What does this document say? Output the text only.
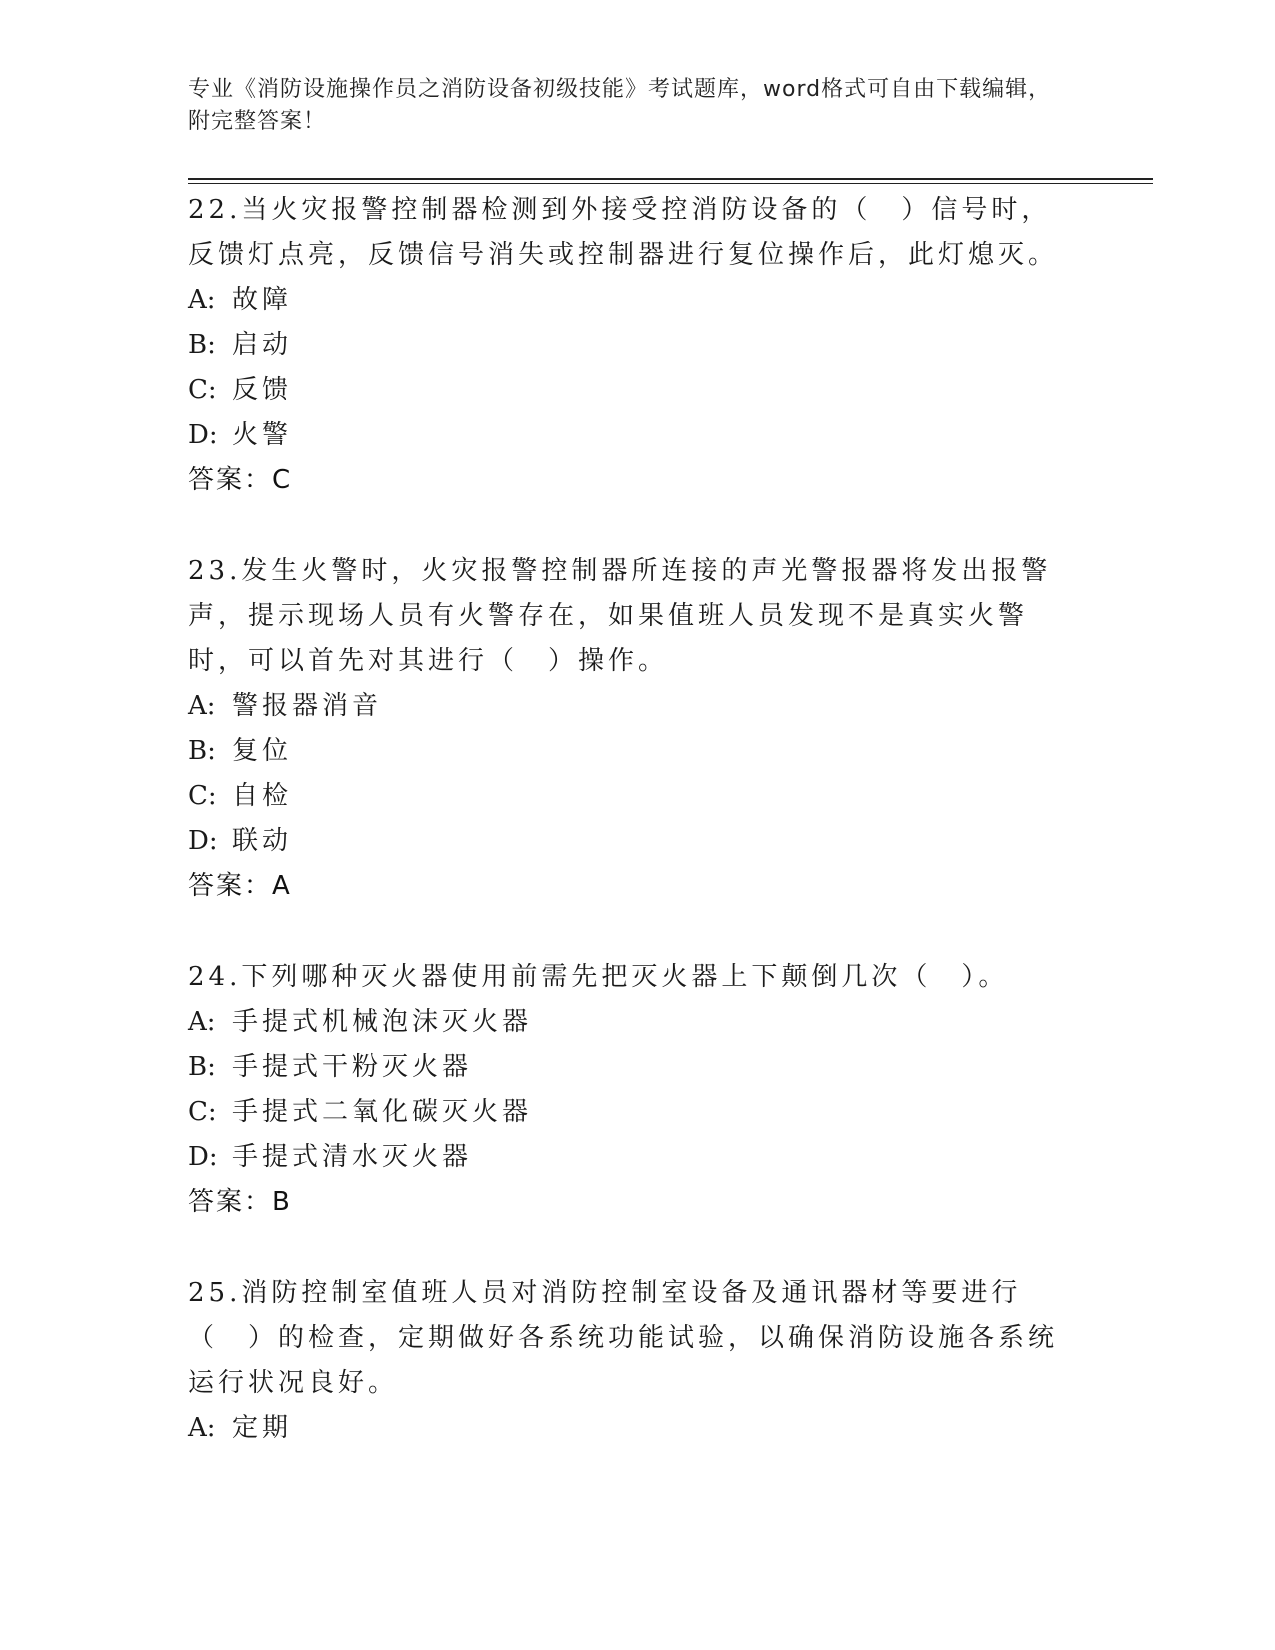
专业《消防设施操作员之消防设备初级技能》考试题库，word格式可自由下载编辑，附完整答案！
22.当火灾报警控制器检测到外接受控消防设备的（　）信号时，反馈灯点亮，反馈信号消失或控制器进行复位操作后，此灯熄灭。
A: 故障
B: 启动
C: 反馈
D: 火警
答案：C
23.发生火警时，火灾报警控制器所连接的声光警报器将发出报警声，提示现场人员有火警存在，如果值班人员发现不是真实火警时，可以首先对其进行（　）操作。
A: 警报器消音
B: 复位
C: 自检
D: 联动
答案：A
24.下列哪种灭火器使用前需先把灭火器上下颠倒几次（　）。
A: 手提式机械泡沫灭火器
B: 手提式干粉灭火器
C: 手提式二氧化碳灭火器
D: 手提式清水灭火器
答案：B
25.消防控制室值班人员对消防控制室设备及通讯器材等要进行（　）的检查，定期做好各系统功能试验，以确保消防设施各系统运行状况良好。
A: 定期
